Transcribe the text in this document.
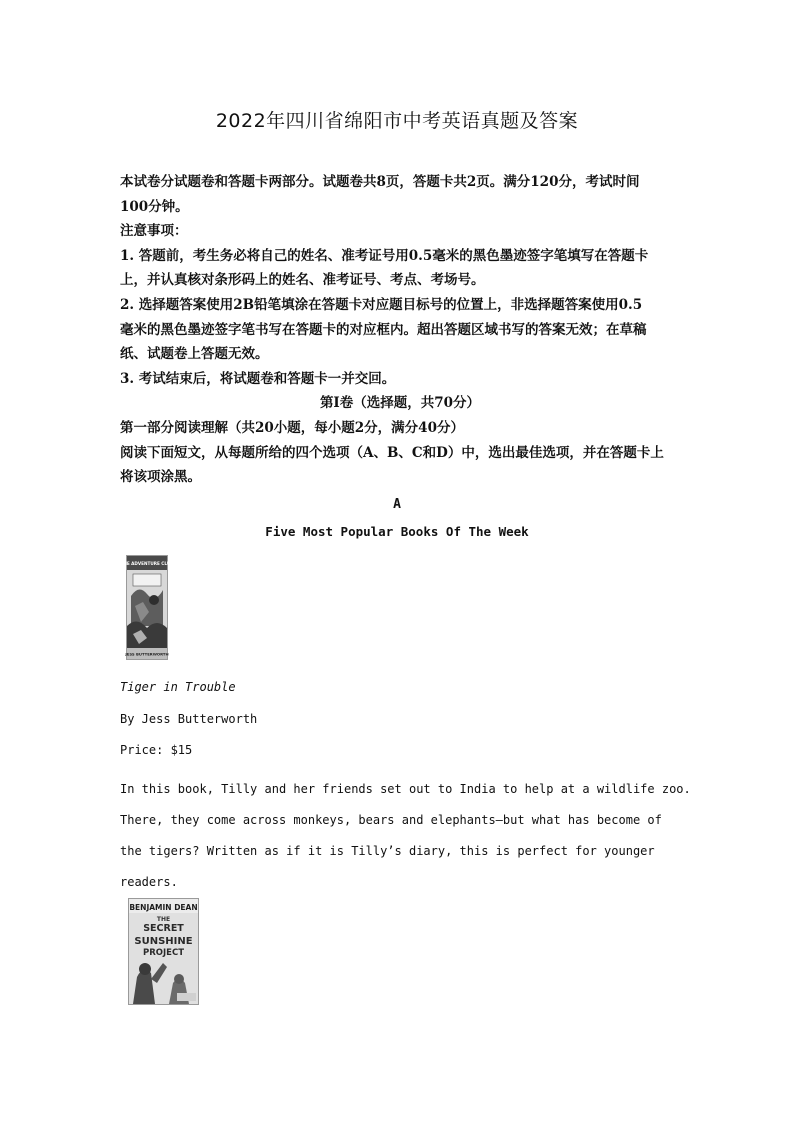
2022年四川省绵阳市中考英语真题及答案

本试卷分试题卷和答题卡两部分。试题卷共8页，答题卡共2页。满分120分，考试时间

100分钟。

注意事项：

1. 答题前，考生务必将自己的姓名、准考证号用0.5毫米的黑色墨迹签字笔填写在答题卡

上，并认真核对条形码上的姓名、准考证号、考点、考场号。

2. 选择题答案使用2B铅笔填涂在答题卡对应题目标号的位置上，非选择题答案使用0.5

毫米的黑色墨迹签字笔书写在答题卡的对应框内。超出答题区域书写的答案无效；在草稿

纸、试题卷上答题无效。

3. 考试结束后，将试题卷和答题卡一并交回。

第I卷（选择题，共70分）

第一部分阅读理解（共20小题，每小题2分，满分40分）

阅读下面短文，从每题所给的四个选项（A、B、C和D）中，选出最佳选项，并在答题卡上

将该项涂黑。

A
Five Most Popular Books Of The Week
THE ADVENTURE CLUB
JESS BUTTERWORTH

Tiger in Trouble

By Jess Butterworth

Price: $15

In this book, Tilly and her friends set out to India to help at a wildlife zoo.
There, they come across monkeys, bears and elephants—but what has become of
the tigers? Written as if it is Tilly’s diary, this is perfect for younger
readers.
BENJAMIN DEAN
THE
SECRET
SUNSHINE
PROJECT
